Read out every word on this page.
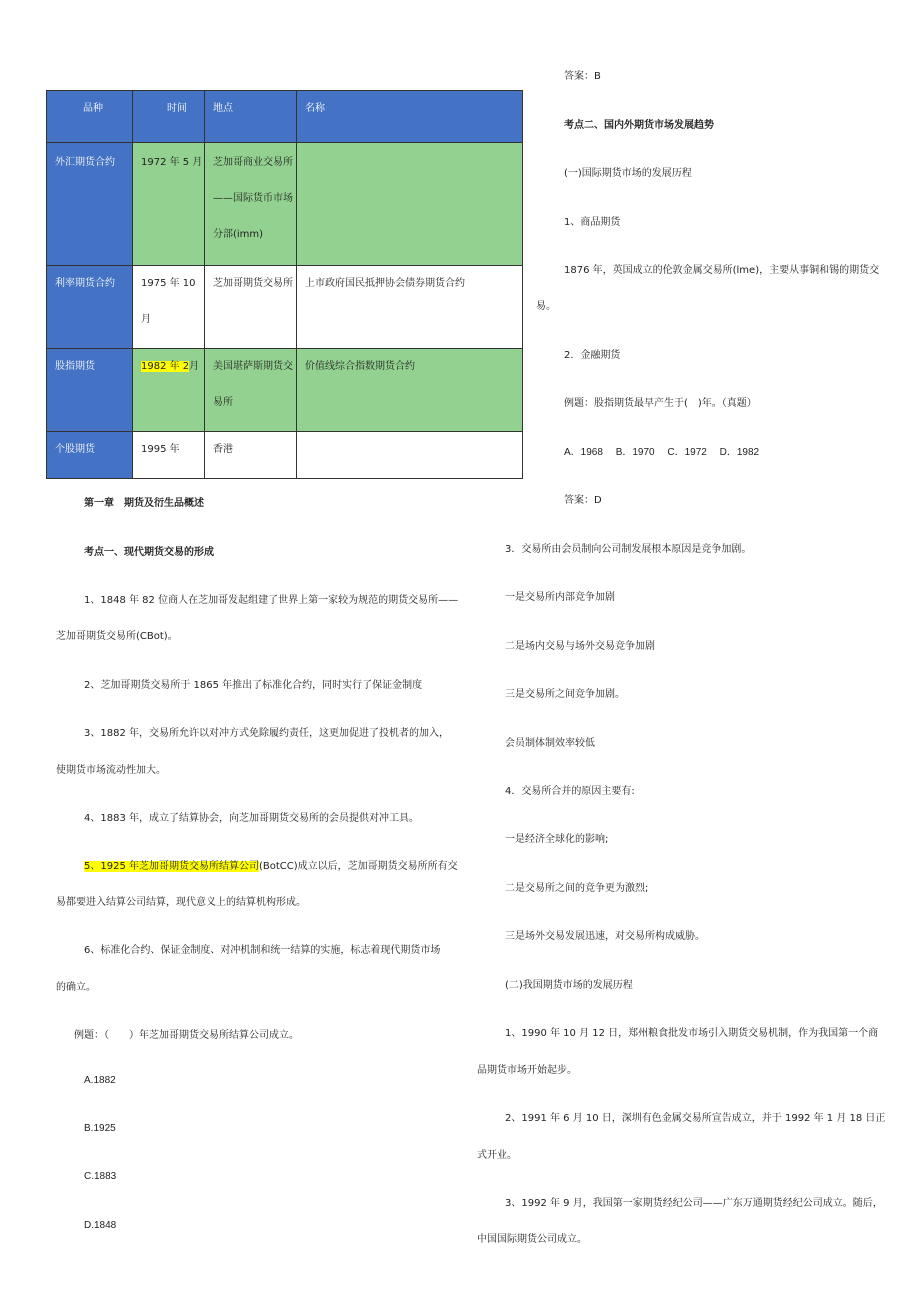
品种	时间	地点	名称
外汇期货合约	1972 年 5 月	芝加哥商业交易所——国际货币市场分部(imm)	
利率期货合约	1975 年 10 月	芝加哥期货交易所	上市政府国民抵押协会债券期货合约
股指期货	1982 年 2月	美国堪萨斯期货交易所	价值线综合指数期货合约
个股期货	1995 年	香港	
第一章　期货及衍生品概述
考点一、现代期货交易的形成
1、1848 年 82 位商人在芝加哥发起组建了世界上第一家较为规范的期货交易所——
芝加哥期货交易所(CBot)。
2、芝加哥期货交易所于 1865 年推出了标准化合约，同时实行了保证金制度
3、1882 年，交易所允许以对冲方式免除履约责任，这更加促进了投机者的加入，
使期货市场流动性加大。
4、1883 年，成立了结算协会，向芝加哥期货交易所的会员提供对冲工具。
5、1925 年芝加哥期货交易所结算公司(BotCC)成立以后，芝加哥期货交易所所有交
易都要进入结算公司结算，现代意义上的结算机构形成。
6、标准化合约、保证金制度、对冲机制和统一结算的实施，标志着现代期货市场
的确立。
例题：（　　）年芝加哥期货交易所结算公司成立。
A.1882
B.1925
C.1883
D.1848
答案：B
考点二、国内外期货市场发展趋势
(一)国际期货市场的发展历程
1、商品期货
1876 年，英国成立的伦敦金属交易所(lme)，主要从事铜和锡的期货交
易。
2．金融期货
例题：股指期货最早产生于(　)年。（真题）
A．1968　 B．1970　 C．1972　 D．1982
答案：D
3．交易所由会员制向公司制发展根本原因是竞争加剧。
一是交易所内部竞争加剧
二是场内交易与场外交易竞争加剧
三是交易所之间竞争加剧。
会员制体制效率较低
4．交易所合并的原因主要有:
一是经济全球化的影响;
二是交易所之间的竞争更为激烈;
三是场外交易发展迅速，对交易所构成威胁。
(二)我国期货市场的发展历程
1、1990 年 10 月 12 日，郑州粮食批发市场引入期货交易机制，作为我国第一个商
品期货市场开始起步。
2、1991 年 6 月 10 日，深圳有色金属交易所宣告成立，并于 1992 年 1 月 18 日正
式开业。
3、1992 年 9 月，我国第一家期货经纪公司——广东万通期货经纪公司成立。随后，
中国国际期货公司成立。
